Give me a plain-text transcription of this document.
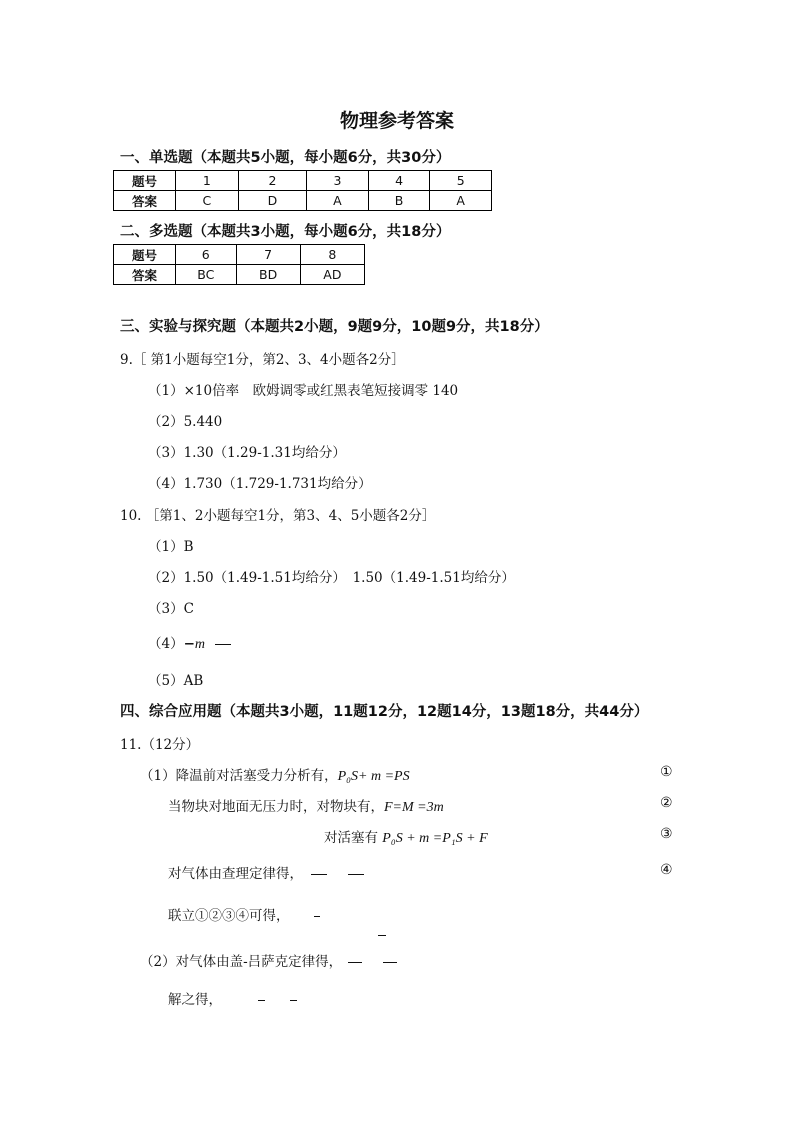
物理参考答案
一、单选题（本题共5小题，每小题6分，共30分）
题号	1	2	3	4	5
答案	C	D	A	B	A
二、多选题（本题共3小题，每小题6分，共18分）
题号	6	7	8
答案	BC	BD	AD
三、实验与探究题（本题共2小题，9题9分，10题9分，共18分）
9.［ 第1小题每空1分，第2、3、4小题各2分］
（1）×10倍率　欧姆调零或红黑表笔短接调零 140
（2）5.440
（3）1.30（1.29-1.31均给分）
（4）1.730（1.729-1.731均给分）
10. ［第1、2小题每空1分，第3、4、5小题各2分］
（1）B
（2）1.50（1.49-1.51均给分）　1.50（1.49-1.51均给分）
（3）C
（4）−m
（5）AB
四、综合应用题（本题共3小题，11题12分，12题14分，13题18分，共44分）
11.（12分）
（1）降温前对活塞受力分析有，P₀S+ m =PS	①
当物块对地面无压力时，对物块有，F=M =3m	②
对活塞有 P₀S + m =P₁S + F	③
对气体由查理定律得，	④
联立①②③④可得，
（2）对气体由盖-吕萨克定律得，
解之得，
